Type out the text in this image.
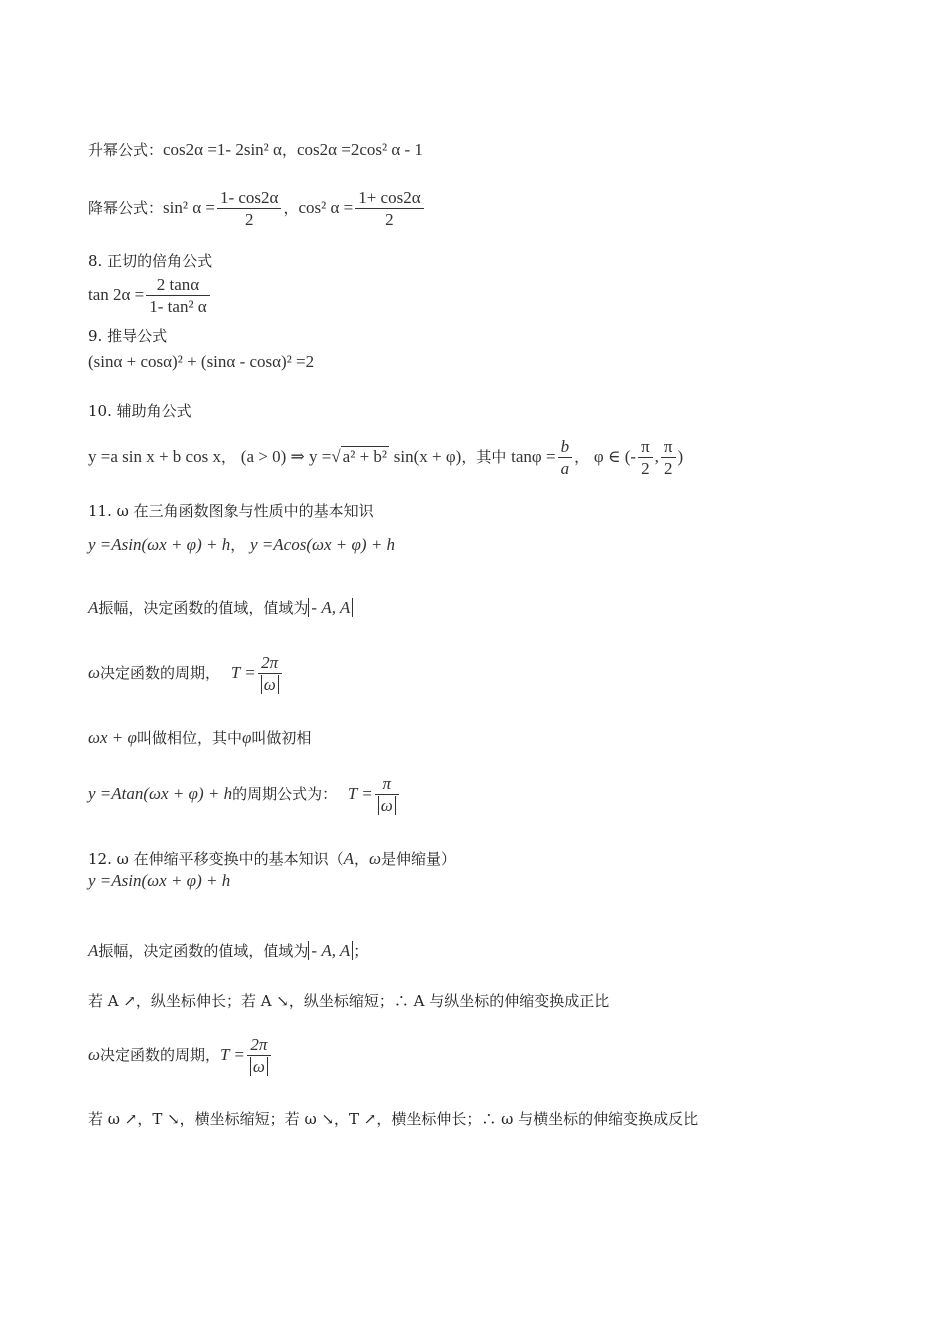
升幂公式：cos2α =1- 2sin² α，cos2α =2cos² α - 1
降幂公式：sin² $\alpha = \frac{1- \cos 2\alpha}{2}$ ，cos² $\alpha = \frac{1+ \cos 2\alpha}{2}$
8. 正切的倍角公式
$\tan 2\alpha = \frac{2 \tan\alpha}{\text{1- tan² α}}$
9. 推导公式
(sinα + cosα)² + (sinα - cosα)² =2
10. 辅助角公式
y =a sin x + b cos x， (a > 0) ⇒ y =√ a² + b² sin(x + φ)，其中 $\tan\varphi = \frac{b}{a}$ ， φ ∈ (- $\frac{\pi}{2}$ , $\frac{\pi}{2}$ )
11. ω 在三角函数图象与性质中的基本知识
y =Asin(ωx + φ) + h， y =Acos(ωx + φ) + h
A振幅，决定函数的值域，值域为 - A, A
ω决定函数的周期， $T = \frac{2\pi}{\omega}$
ωx + φ叫做相位，其中φ叫做初相
y =Atan(ωx + φ) + h的周期公式为： $T = \frac{\pi}{\omega}$
12. ω 在伸缩平移变换中的基本知识（A，ω是伸缩量）
y =Asin(ωx + φ) + h
A振幅，决定函数的值域，值域为 - A, A ；
若 A ↗，纵坐标伸长；若 A ↘，纵坐标缩短；∴ A 与纵坐标的伸缩变换成正比
ω决定函数的周期，$T = \frac{2\pi}{\omega}$
若 ω ↗，T ↘，横坐标缩短；若 ω ↘，T ↗，横坐标伸长；∴ ω 与横坐标的伸缩变换成反比
